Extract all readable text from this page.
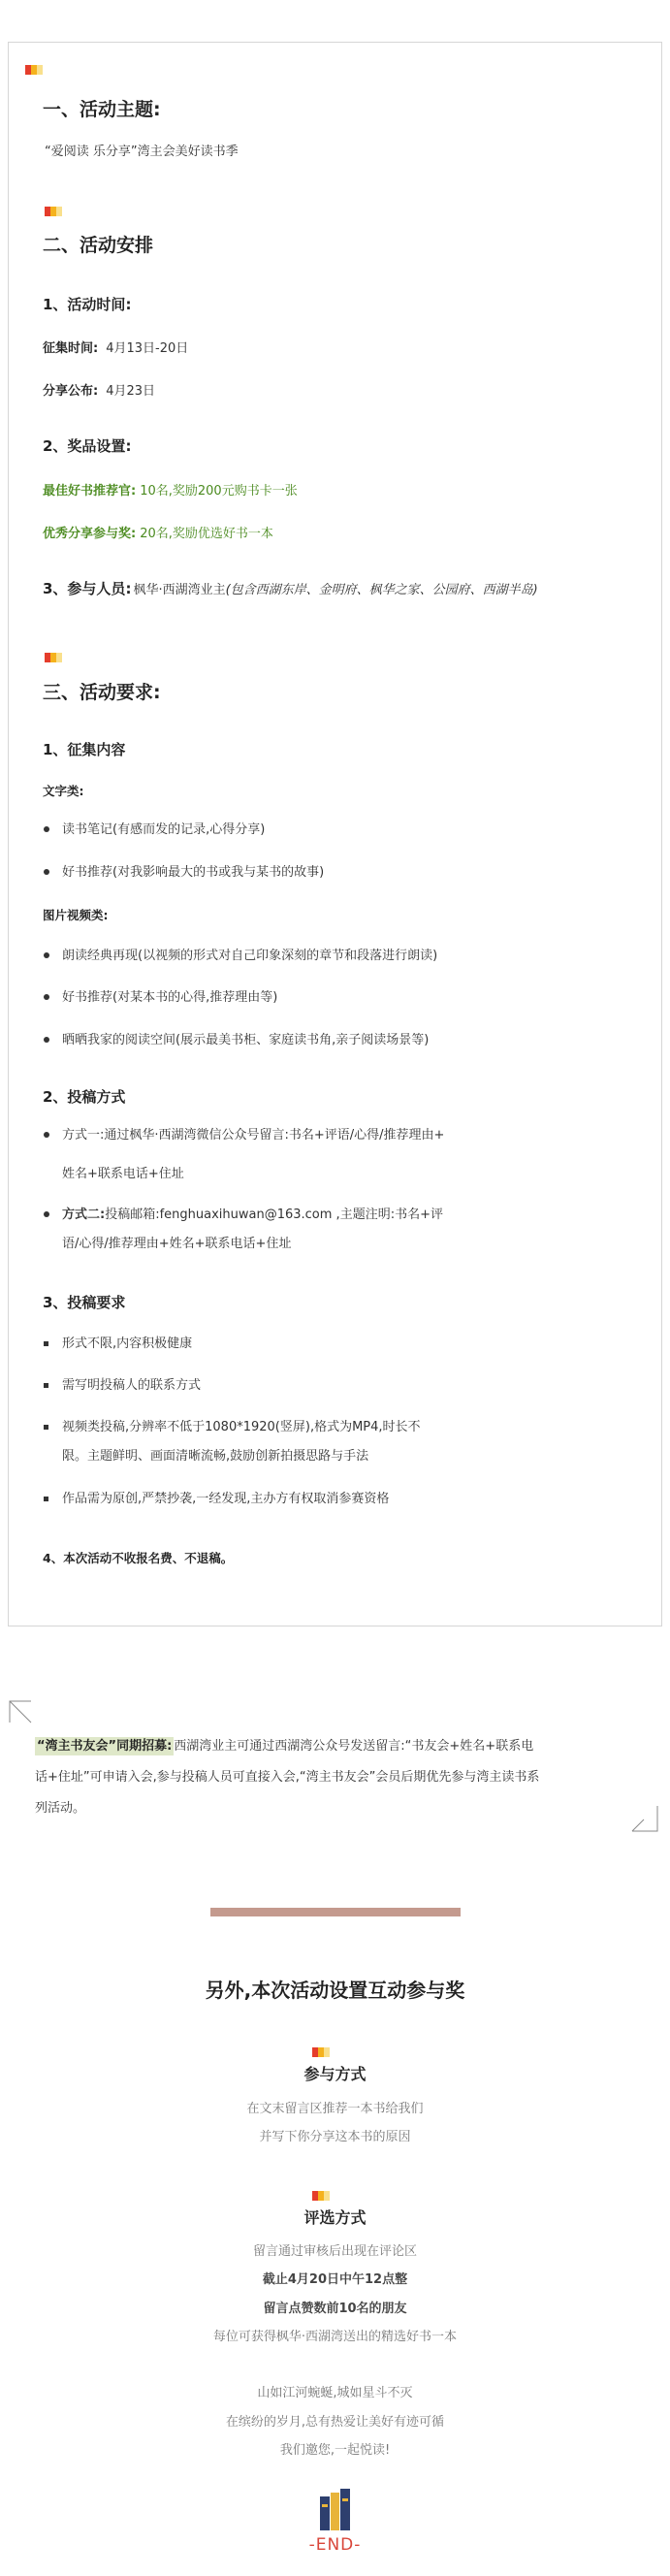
一、活动主题:
“爱阅读 乐分享”湾主会美好读书季
二、活动安排
1、活动时间:
征集时间: 4月13日-20日
分享公布: 4月23日
2、奖品设置:
最佳好书推荐官: 10名,奖励200元购书卡一张
优秀分享参与奖: 20名,奖励优选好书一本
3、参与人员: 枫华·西湖湾业主(包含西湖东岸、金明府、枫华之家、公园府、西湖半岛)
三、活动要求:
1、征集内容
文字类:
读书笔记(有感而发的记录,心得分享)
好书推荐(对我影响最大的书或我与某书的故事)
图片视频类:
朗读经典再现(以视频的形式对自己印象深刻的章节和段落进行朗读)
好书推荐(对某本书的心得,推荐理由等)
晒晒我家的阅读空间(展示最美书柜、家庭读书角,亲子阅读场景等)
2、投稿方式
方式一:通过枫华·西湖湾微信公众号留言:书名+评语/心得/推荐理由+
姓名+联系电话+住址
方式二:投稿邮箱:fenghuaxihuwan@163.com ,主题注明:书名+评
语/心得/推荐理由+姓名+联系电话+住址
3、投稿要求
形式不限,内容积极健康
需写明投稿人的联系方式
视频类投稿,分辨率不低于1080*1920(竖屏),格式为MP4,时长不
限。主题鲜明、画面清晰流畅,鼓励创新拍摄思路与手法
作品需为原创,严禁抄袭,一经发现,主办方有权取消参赛资格
4、本次活动不收报名费、不退稿。
“湾主书友会”同期招募: 西湖湾业主可通过西湖湾公众号发送留言:“书友会+姓名+联系电
话+住址”可申请入会,参与投稿人员可直接入会,“湾主书友会”会员后期优先参与湾主读书系
列活动。
另外,本次活动设置互动参与奖
参与方式
在文末留言区推荐一本书给我们
并写下你分享这本书的原因
评选方式
留言通过审核后出现在评论区
截止4月20日中午12点整
留言点赞数前10名的朋友
每位可获得枫华·西湖湾送出的精选好书一本
山如江河蜿蜒,城如星斗不灭
在缤纷的岁月,总有热爱让美好有迹可循
我们邀您,一起悦读!
-END-
